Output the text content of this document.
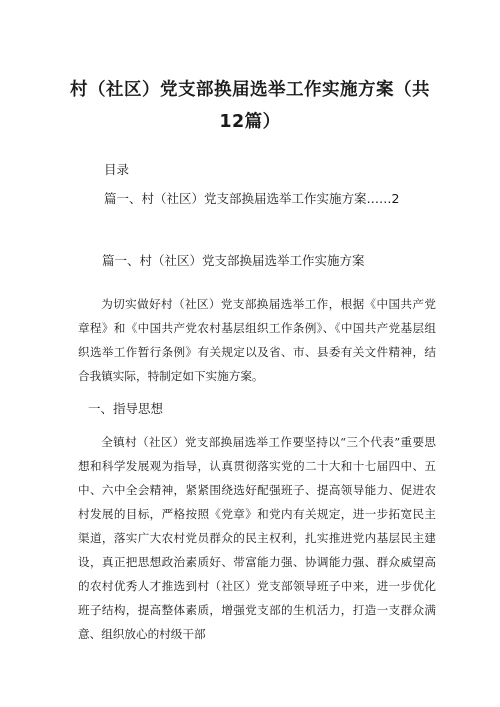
村（社区）党支部换届选举工作实施方案（共12篇）
目录
篇一、村（社区）党支部换届选举工作实施方案……2
篇一、村（社区）党支部换届选举工作实施方案

为切实做好村（社区）党支部换届选举工作，根据《中国共产党章程》和《中国共产党农村基层组织工作条例》、《中国共产党基层组织选举工作暂行条例》有关规定以及省、市、县委有关文件精神，结合我镇实际，特制定如下实施方案。

一、指导思想

全镇村（社区）党支部换届选举工作要坚持以“三个代表”重要思想和科学发展观为指导，认真贯彻落实党的二十大和十七届四中、五中、六中全会精神，紧紧围绕选好配强班子、提高领导能力、促进农村发展的目标，严格按照《党章》和党内有关规定，进一步拓宽民主渠道，落实广大农村党员群众的民主权利，扎实推进党内基层民主建设，真正把思想政治素质好、带富能力强、协调能力强、群众威望高的农村优秀人才推选到村（社区）党支部领导班子中来，进一步优化班子结构，提高整体素质，增强党支部的生机活力，打造一支群众满意、组织放心的村级干部
